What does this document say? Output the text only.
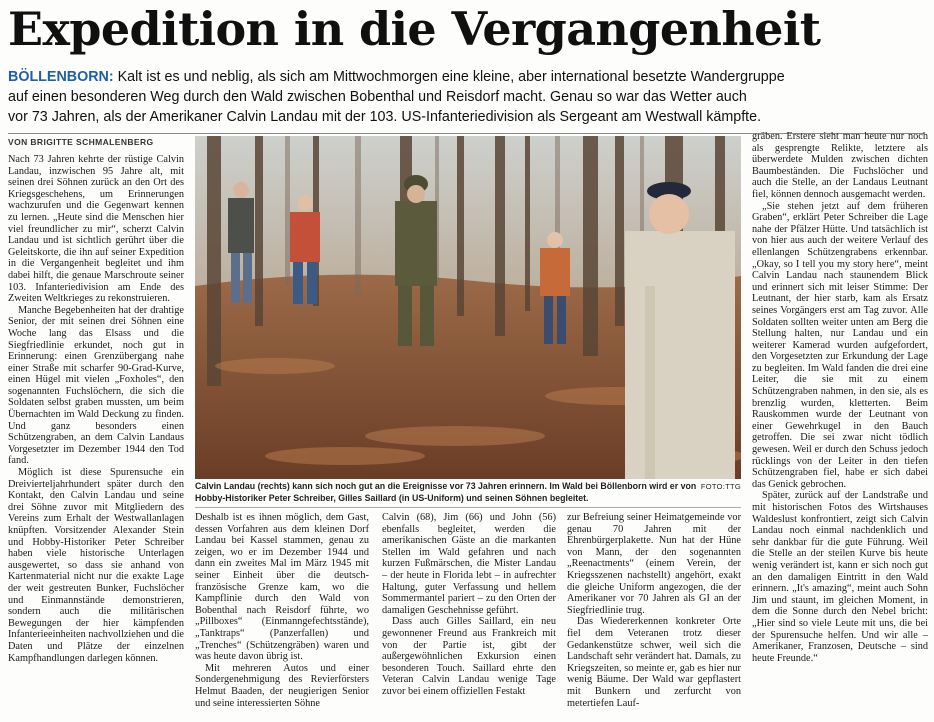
Expedition in die Vergangenheit
BÖLLENBORN: Kalt ist es und neblig, als sich am Mittwochmorgen eine kleine, aber international besetzte Wandergruppe
auf einen besonderen Weg durch den Wald zwischen Bobenthal und Reisdorf macht. Genau so war das Wetter auch
vor 73 Jahren, als der Amerikaner Calvin Landau mit der 103. US-Infanteriedivision als Sergeant am Westwall kämpfte.
VON BRIGITTE SCHMALENBERG

Nach 73 Jahren kehrte der rüstige Calvin Landau, inzwischen 95 Jahre alt, mit seinen drei Söhnen zurück an den Ort des Kriegsgeschehens, um Erinnerungen wachzurufen und die Gegenwart kennen zu lernen. „Heute sind die Menschen hier viel freundlicher zu mir“, scherzt Calvin Landau und ist sichtlich gerührt über die Geleitskorte, die ihn auf seiner Expedition in die Vergangenheit begleitet und ihm dabei hilft, die genaue Marschroute seiner 103. Infanteriedivision am Ende des Zweiten Weltkrieges zu rekonstruieren.

Manche Begebenheiten hat der drahtige Senior, der mit seinen drei Söhnen eine Woche lang das Elsass und die Siegfriedlinie erkundet, noch gut in Erinnerung: einen Grenzübergang nahe einer Straße mit scharfer 90-Grad-Kurve, einen Hügel mit vielen „Foxholes“, den sogenannten Fuchslöchern, die sich die Soldaten selbst graben mussten, um beim Übernachten im Wald Deckung zu finden. Und ganz besonders einen Schützengraben, an dem Calvin Landaus Vorgesetzter im Dezember 1944 den Tod fand.

Möglich ist diese Spurensuche ein Dreivierteljahrhundert später durch den Kontakt, den Calvin Landau und seine drei Söhne zuvor mit Mitgliedern des Vereins zum Erhalt der Westwallanlagen knüpften. Vorsitzender Alexander Stein und Hobby-Historiker Peter Schreiber haben viele historische Unterlagen ausgewertet, so dass sie anhand von Kartenmaterial nicht nur die exakte Lage der weit gestreuten Bunker, Fuchslöcher und Einmannstände demonstrieren, sondern auch die militärischen Bewegungen der hier kämpfenden Infanterieeinheiten nachvollziehen und die Daten und Plätze der einzelnen Kampfhandlungen darlegen können.

FOTO:TTG
Calvin Landau (rechts) kann sich noch gut an die Ereignisse vor 73 Jahren erinnern. Im Wald bei Böllenborn wird er von Hobby-Historiker Peter Schreiber, Gilles Saillard (in US-Uniform) und seinen Söhnen begleitet.

Deshalb ist es ihnen möglich, dem Gast, dessen Vorfahren aus dem kleinen Dorf Landau bei Kassel stammen, genau zu zeigen, wo er im Dezember 1944 und dann ein zweites Mal im März 1945 mit seiner Einheit über die deutsch-französische Grenze kam, wo die Kampflinie durch den Wald von Bobenthal nach Reisdorf führte, wo „Pillboxes“ (Einmanngefechtsstände), „Tanktraps“ (Panzerfallen) und „Trenches“ (Schützengräben) waren und was heute davon übrig ist.

Mit mehreren Autos und einer Sondergenehmigung des Revierförsters Helmut Baaden, der neugierigen Senior und seine interessierten Söhne

Calvin (68), Jim (66) und John (56) ebenfalls begleitet, werden die amerikanischen Gäste an die markanten Stellen im Wald gefahren und nach kurzen Fußmärschen, die Mister Landau – der heute in Florida lebt – in aufrechter Haltung, guter Verfassung und hellem Sommermantel pariert – zu den Orten der damaligen Geschehnisse geführt.

Dass auch Gilles Saillard, ein neu gewonnener Freund aus Frankreich mit von der Partie ist, gibt der außergewöhnlichen Exkursion einen besonderen Touch. Saillard ehrte den Veteran Calvin Landau wenige Tage zuvor bei einem offiziellen Festakt

zur Befreiung seiner Heimatgemeinde vor genau 70 Jahren mit der Ehrenbürgerplakette. Nun hat der Hüne von Mann, der den sogenannten „Reenactments“ (einem Verein, der Kriegsszenen nachstellt) angehört, exakt die gleiche Uniform angezogen, die der Amerikaner vor 70 Jahren als GI an der Siegfriedlinie trug.

Das Wiedererkennen konkreter Orte fiel dem Veteranen trotz dieser Gedankenstütze schwer, weil sich die Landschaft sehr verändert hat. Damals, zu Kriegszeiten, so meinte er, gab es hier nur wenig Bäume. Der Wald war gepflastert mit Bunkern und zerfurcht von metertiefen Lauf-

gräben. Erstere sieht man heute nur noch als gesprengte Relikte, letztere als überwerdete Mulden zwischen dichten Baumbeständen. Die Fuchslöcher und auch die Stelle, an der Landaus Leutnant fiel, können dennoch ausgemacht werden.

„Sie stehen jetzt auf dem früheren Graben“, erklärt Peter Schreiber die Lage nahe der Pfälzer Hütte. Und tatsächlich ist von hier aus auch der weitere Verlauf des ellenlangen Schützengrabens erkennbar. „Okay, so I tell you my story here“, meint Calvin Landau nach staunendem Blick und erinnert sich mit leiser Stimme: Der Leutnant, der hier starb, kam als Ersatz seines Vorgängers erst am Tag zuvor. Alle Soldaten sollten weiter unten am Berg die Stellung halten, nur Landau und ein weiterer Kamerad wurden aufgefordert, den Vorgesetzten zur Erkundung der Lage zu begleiten. Im Wald fanden die drei eine Leiter, die sie mit zu einem Schützengraben nahmen, in den sie, als es brenzlig wurden, kletterten. Beim Rauskommen wurde der Leutnant von einer Gewehrkugel in den Bauch getroffen. Die sei zwar nicht tödlich gewesen. Weil er durch den Schuss jedoch rücklings von der Leiter in den tiefen Schützengraben fiel, habe er sich dabei das Genick gebrochen.

Später, zurück auf der Landstraße und mit historischen Fotos des Wirtshauses Waldeslust konfrontiert, zeigt sich Calvin Landau noch einmal nachdenklich und sehr dankbar für die gute Führung. Weil die Stelle an der steilen Kurve bis heute wenig verändert ist, kann er sich noch gut an den damaligen Eintritt in den Wald erinnern. „It's amazing“, meint auch Sohn Jim und staunt, im gleichen Moment, in dem die Sonne durch den Nebel bricht: „Hier sind so viele Leute mit uns, die bei der Spurensuche helfen. Und wir alle – Amerikaner, Franzosen, Deutsche – sind heute Freunde.“
